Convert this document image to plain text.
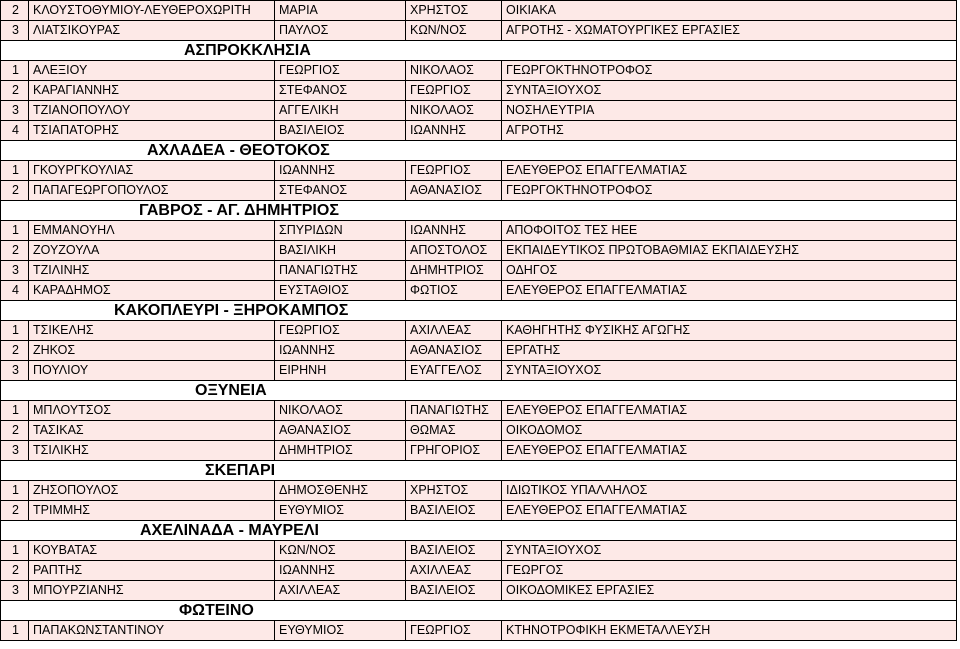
2	ΚΛΟΥΣΤΟΘΥΜΙΟΥ-ΛΕΥΘΕΡΟΧΩΡΙΤΗ	ΜΑΡΙΑ	ΧΡΗΣΤΟΣ	ΟΙΚΙΑΚΑ
3	ΛΙΑΤΣΙΚΟΥΡΑΣ	ΠΑΥΛΟΣ	ΚΩΝ/ΝΟΣ	ΑΓΡΟΤΗΣ - ΧΩΜΑΤΟΥΡΓΙΚΕΣ ΕΡΓΑΣΙΕΣ
ΑΣΠΡΟΚΚΛΗΣΙΑ
1	ΑΛΕΞΙΟΥ	ΓΕΩΡΓΙΟΣ	ΝΙΚΟΛΑΟΣ	ΓΕΩΡΓΟΚΤΗΝΟΤΡΟΦΟΣ
2	ΚΑΡΑΓΙΑΝΝΗΣ	ΣΤΕΦΑΝΟΣ	ΓΕΩΡΓΙΟΣ	ΣΥΝΤΑΞΙΟΥΧΟΣ
3	ΤΖΙΑΝΟΠΟΥΛΟΥ	ΑΓΓΕΛΙΚΗ	ΝΙΚΟΛΑΟΣ	ΝΟΣΗΛΕΥΤΡΙΑ
4	ΤΣΙΑΠΑΤΟΡΗΣ	ΒΑΣΙΛΕΙΟΣ	ΙΩΑΝΝΗΣ	ΑΓΡΟΤΗΣ
ΑΧΛΑΔΕΑ - ΘΕΟΤΟΚΟΣ
1	ΓΚΟΥΡΓΚΟΥΛΙΑΣ	ΙΩΑΝΝΗΣ	ΓΕΩΡΓΙΟΣ	ΕΛΕΥΘΕΡΟΣ ΕΠΑΓΓΕΛΜΑΤΙΑΣ
2	ΠΑΠΑΓΕΩΡΓΟΠΟΥΛΟΣ	ΣΤΕΦΑΝΟΣ	ΑΘΑΝΑΣΙΟΣ	ΓΕΩΡΓΟΚΤΗΝΟΤΡΟΦΟΣ
ΓΑΒΡΟΣ - ΑΓ. ΔΗΜΗΤΡΙΟΣ
1	ΕΜΜΑΝΟΥΗΛ	ΣΠΥΡΙΔΩΝ	ΙΩΑΝΝΗΣ	ΑΠΟΦΟΙΤΟΣ ΤΕΣ ΗΕΕ
2	ΖΟΥΖΟΥΛΑ	ΒΑΣΙΛΙΚΗ	ΑΠΟΣΤΟΛΟΣ	ΕΚΠΑΙΔΕΥΤΙΚΟΣ ΠΡΩΤΟΒΑΘΜΙΑΣ ΕΚΠΑΙΔΕΥΣΗΣ
3	ΤΖΙΛΙΝΗΣ	ΠΑΝΑΓΙΩΤΗΣ	ΔΗΜΗΤΡΙΟΣ	ΟΔΗΓΟΣ
4	ΚΑΡΑΔΗΜΟΣ	ΕΥΣΤΑΘΙΟΣ	ΦΩΤΙΟΣ	ΕΛΕΥΘΕΡΟΣ ΕΠΑΓΓΕΛΜΑΤΙΑΣ
ΚΑΚΟΠΛΕΥΡΙ - ΞΗΡΟΚΑΜΠΟΣ
1	ΤΣΙΚΕΛΗΣ	ΓΕΩΡΓΙΟΣ	ΑΧΙΛΛΕΑΣ	ΚΑΘΗΓΗΤΗΣ ΦΥΣΙΚΗΣ ΑΓΩΓΗΣ
2	ΖΗΚΟΣ	ΙΩΑΝΝΗΣ	ΑΘΑΝΑΣΙΟΣ	ΕΡΓΑΤΗΣ
3	ΠΟΥΛΙΟΥ	ΕΙΡΗΝΗ	ΕΥΑΓΓΕΛΟΣ	ΣΥΝΤΑΞΙΟΥΧΟΣ
ΟΞΥΝΕΙΑ
1	ΜΠΛΟΥΤΣΟΣ	ΝΙΚΟΛΑΟΣ	ΠΑΝΑΓΙΩΤΗΣ	ΕΛΕΥΘΕΡΟΣ ΕΠΑΓΓΕΛΜΑΤΙΑΣ
2	ΤΑΣΙΚΑΣ	ΑΘΑΝΑΣΙΟΣ	ΘΩΜΑΣ	ΟΙΚΟΔΟΜΟΣ
3	ΤΣΙΛΙΚΗΣ	ΔΗΜΗΤΡΙΟΣ	ΓΡΗΓΟΡΙΟΣ	ΕΛΕΥΘΕΡΟΣ ΕΠΑΓΓΕΛΜΑΤΙΑΣ
ΣΚΕΠΑΡΙ
1	ΖΗΣΟΠΟΥΛΟΣ	ΔΗΜΟΣΘΕΝΗΣ	ΧΡΗΣΤΟΣ	ΙΔΙΩΤΙΚΟΣ ΥΠΑΛΛΗΛΟΣ
2	ΤΡΙΜΜΗΣ	ΕΥΘΥΜΙΟΣ	ΒΑΣΙΛΕΙΟΣ	ΕΛΕΥΘΕΡΟΣ ΕΠΑΓΓΕΛΜΑΤΙΑΣ
ΑΧΕΛΙΝΑΔΑ - ΜΑΥΡΕΛΙ
1	ΚΟΥΒΑΤΑΣ	ΚΩΝ/ΝΟΣ	ΒΑΣΙΛΕΙΟΣ	ΣΥΝΤΑΞΙΟΥΧΟΣ
2	ΡΑΠΤΗΣ	ΙΩΑΝΝΗΣ	ΑΧΙΛΛΕΑΣ	ΓΕΩΡΓΟΣ
3	ΜΠΟΥΡΖΙΑΝΗΣ	ΑΧΙΛΛΕΑΣ	ΒΑΣΙΛΕΙΟΣ	ΟΙΚΟΔΟΜΙΚΕΣ ΕΡΓΑΣΙΕΣ
ΦΩΤΕΙΝΟ
1	ΠΑΠΑΚΩΝΣΤΑΝΤΙΝΟΥ	ΕΥΘΥΜΙΟΣ	ΓΕΩΡΓΙΟΣ	ΚΤΗΝΟΤΡΟΦΙΚΗ ΕΚΜΕΤΑΛΛΕΥΣΗ
